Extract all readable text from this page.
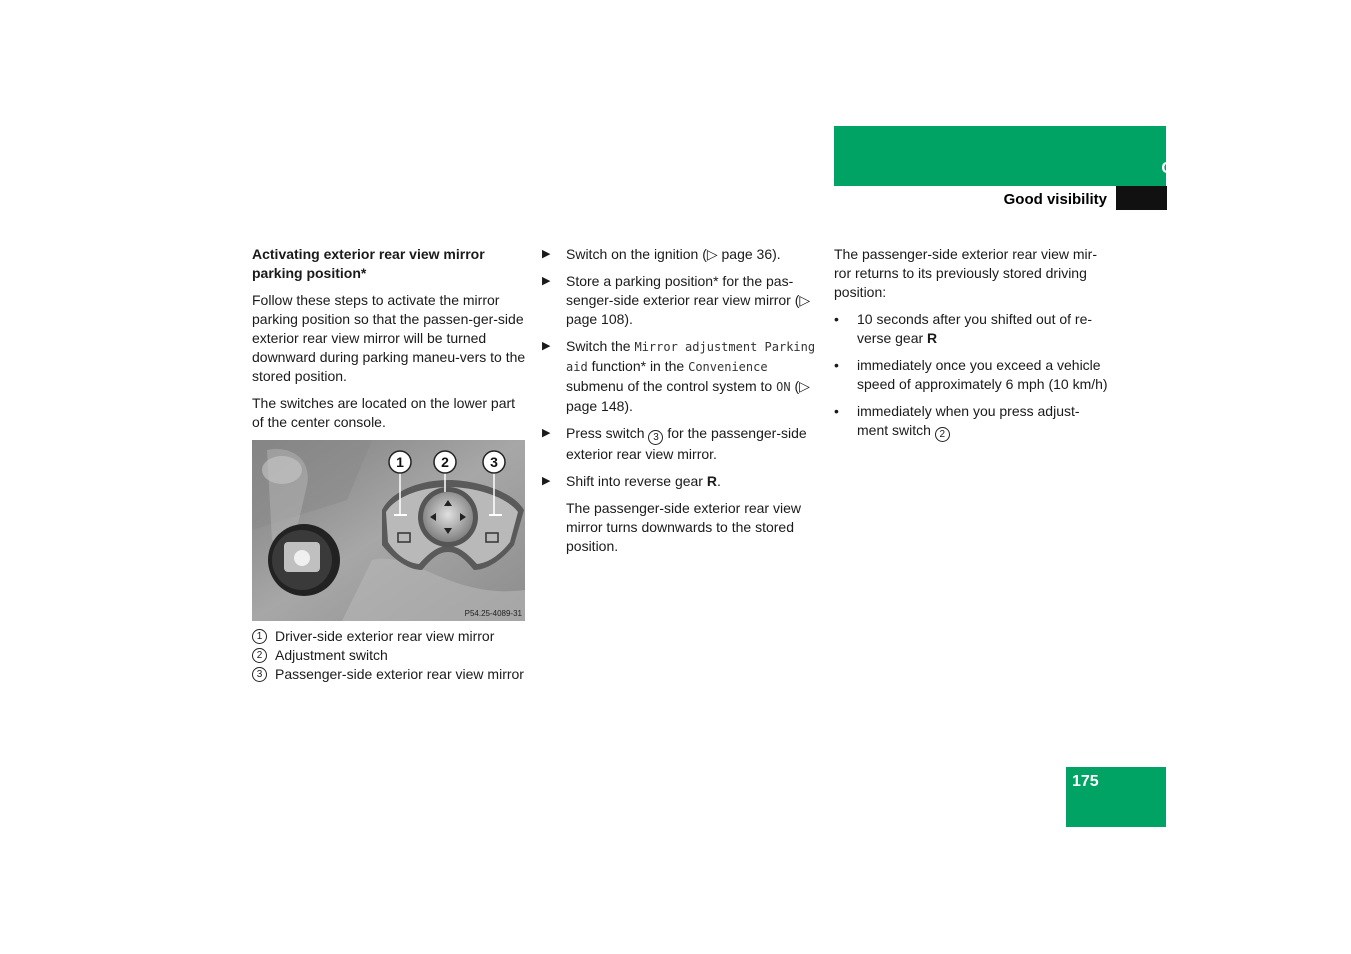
Controls in detail
Good visibility

Activating exterior rear view mirror parking position*

Follow these steps to activate the mirror parking position so that the passen-ger-side exterior rear view mirror will be turned downward during parking maneu-vers to the stored position.

The switches are located on the lower part of the center console.

1	2	3
P54.25-4089-31
1 Driver-side exterior rear view mirror
2 Adjustment switch
3 Passenger-side exterior rear view mirror
▶ Switch on the ignition (▷ page 36).
▶ Store a parking position* for the pas-senger-side exterior rear view mirror (▷ page 108).
▶ Switch the Mirror adjustment Parking aid function* in the Convenience submenu of the control system to ON (▷ page 148).
▶ Press switch 3 for the passenger-side exterior rear view mirror.
▶ Shift into reverse gear R.

The passenger-side exterior rear view mirror turns downwards to the stored position.

The passenger-side exterior rear view mir-ror returns to its previously stored driving position:

• 10 seconds after you shifted out of re-verse gear R
• immediately once you exceed a vehicle speed of approximately 6 mph (10 km/h)
• immediately when you press adjust-ment switch 2
175
